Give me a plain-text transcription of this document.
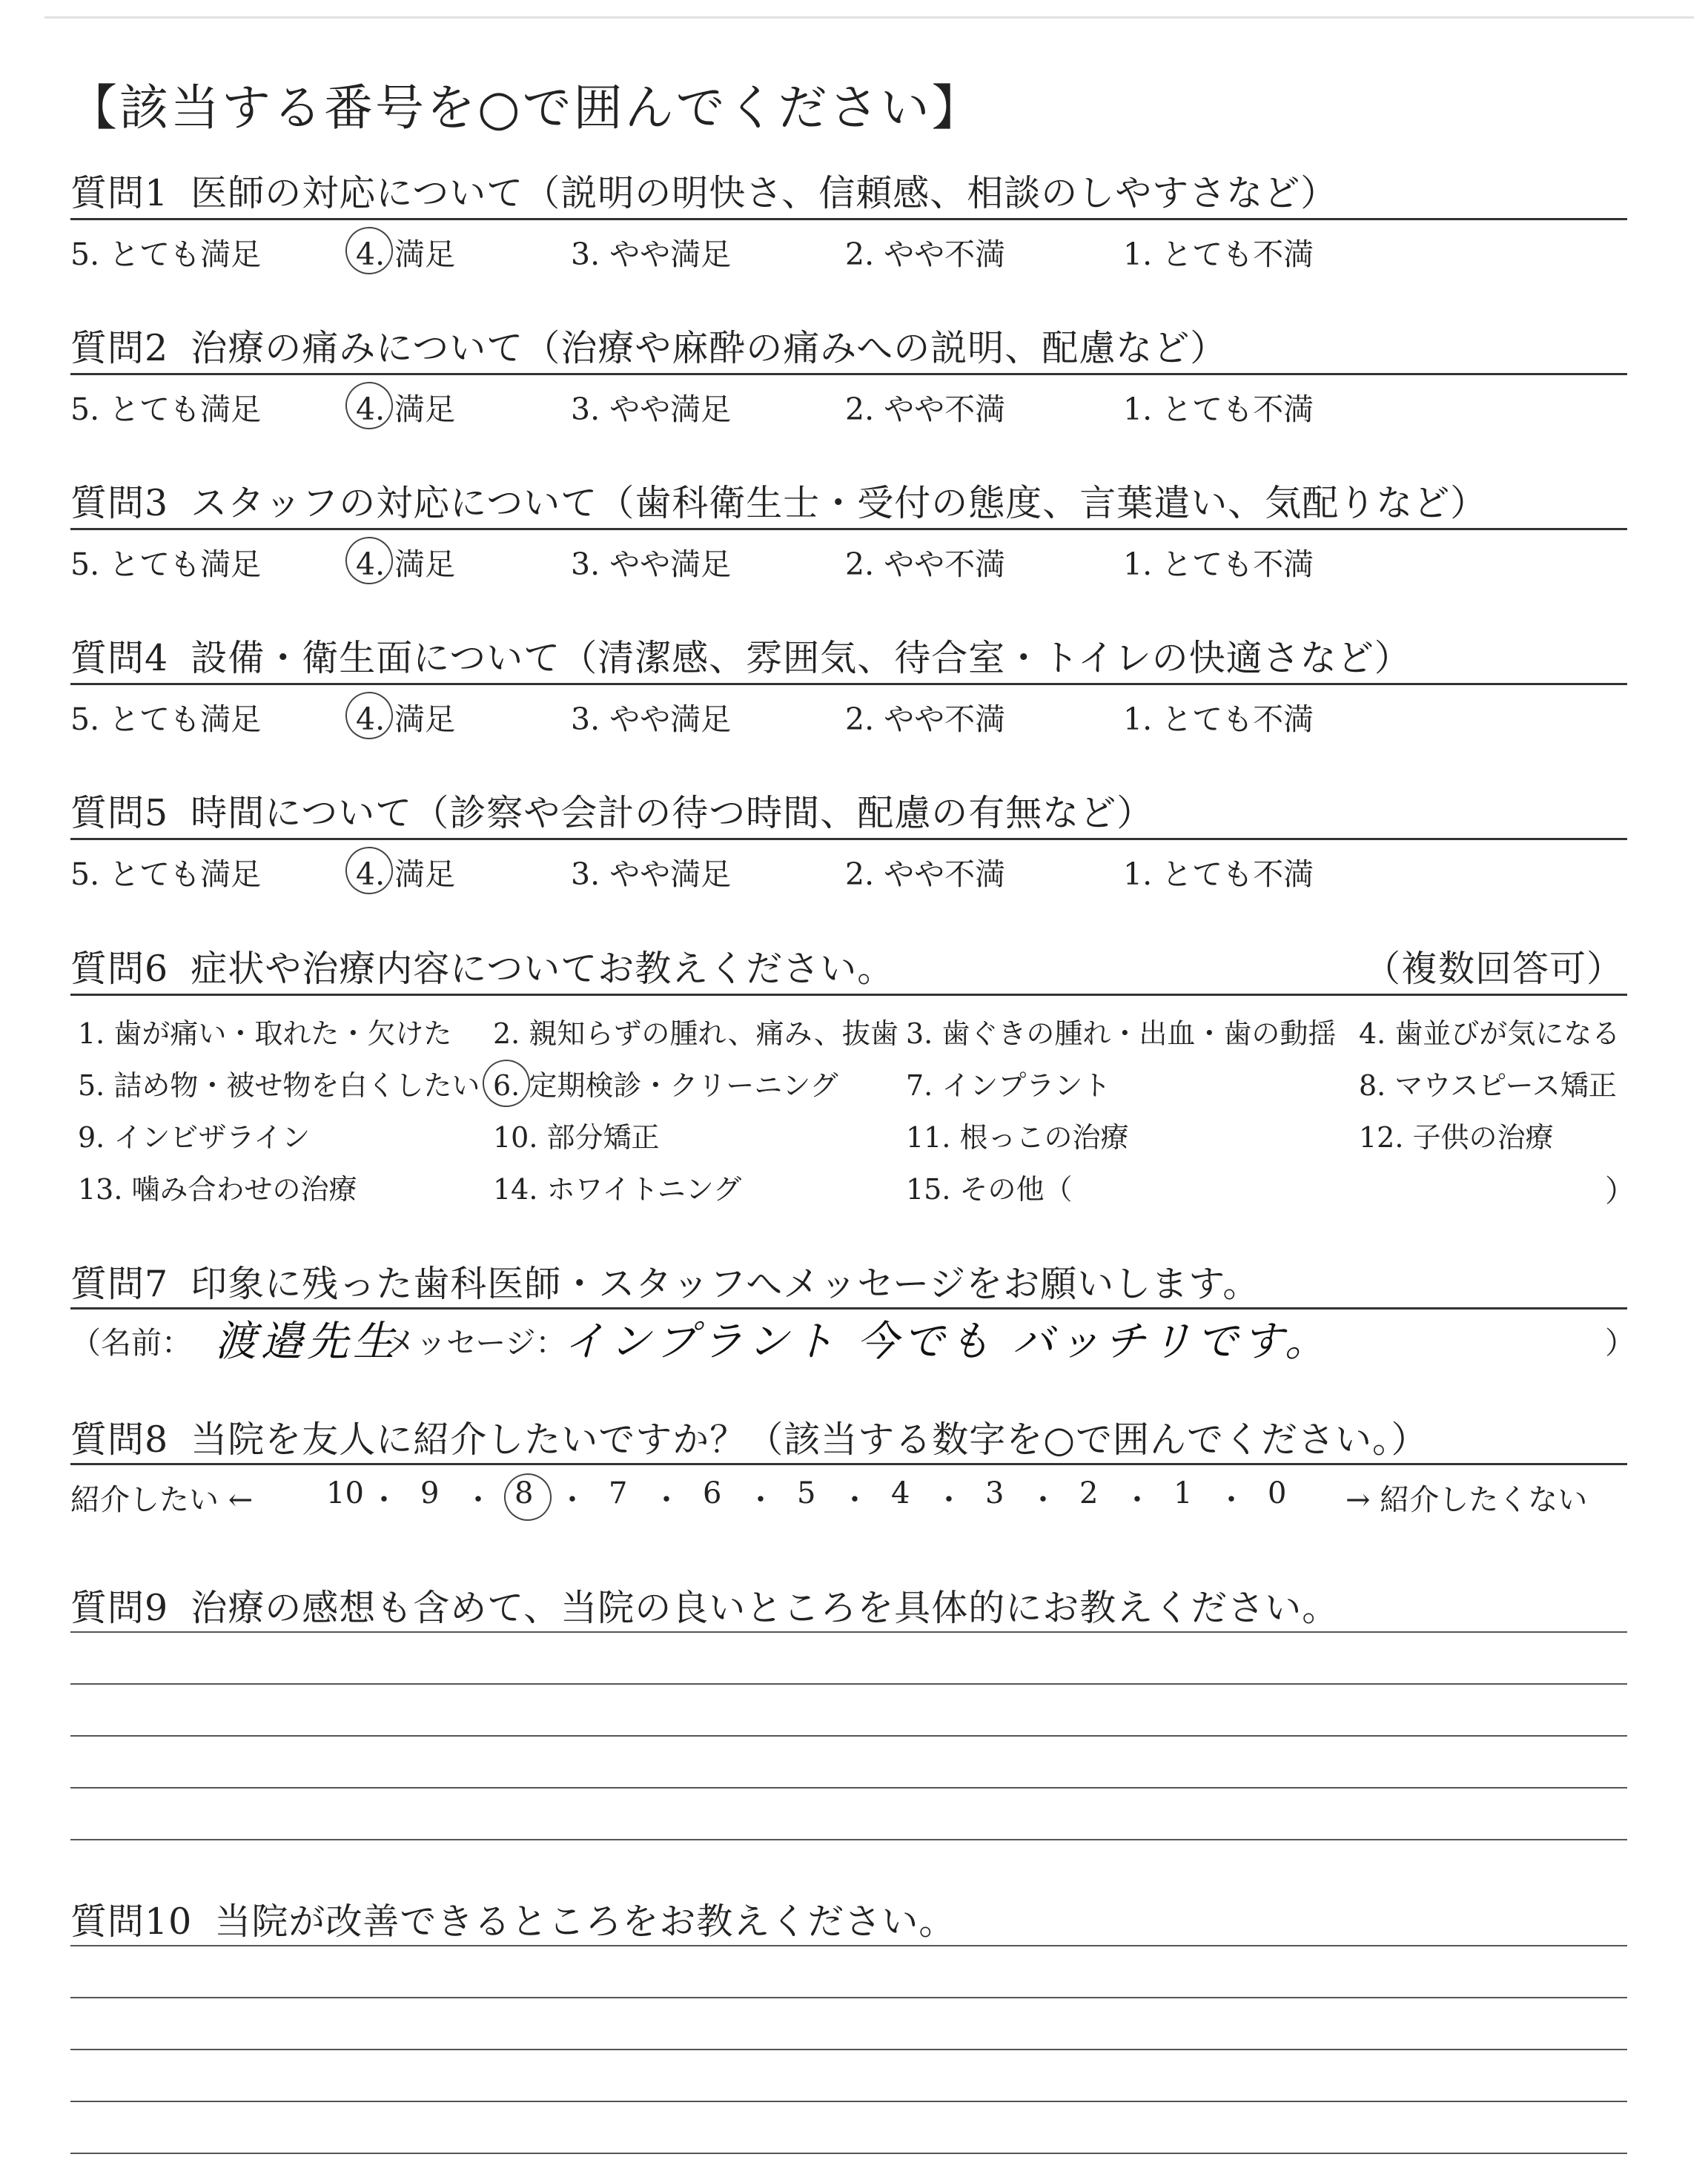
【該当する番号を○で囲んでください】
質問1 医師の対応について（説明の明快さ、信頼感、相談のしやすさなど）
5. とても満足	4. 満足	3. やや満足	2. やや不満	1. とても不満
質問2 治療の痛みについて（治療や麻酔の痛みへの説明、配慮など）
5. とても満足	4. 満足	3. やや満足	2. やや不満	1. とても不満
質問3 スタッフの対応について（歯科衛生士・受付の態度、言葉遣い、気配りなど）
5. とても満足	4. 満足	3. やや満足	2. やや不満	1. とても不満
質問4 設備・衛生面について（清潔感、雰囲気、待合室・トイレの快適さなど）
5. とても満足	4. 満足	3. やや満足	2. やや不満	1. とても不満
質問5 時間について（診察や会計の待つ時間、配慮の有無など）
5. とても満足	4. 満足	3. やや満足	2. やや不満	1. とても不満
質問6 症状や治療内容についてお教えください。	（複数回答可）
1. 歯が痛い・取れた・欠けた 2. 親知らずの腫れ、痛み、抜歯 3. 歯ぐきの腫れ・出血・歯の動揺 4. 歯並びが気になる
5. 詰め物・被せ物を白くしたい 6. 定期検診・クリーニング 7. インプラント	8. マウスピース矯正
9. インビザライン	10. 部分矯正	11. 根っこの治療	12. 子供の治療
13. 噛み合わせの治療	14. ホワイトニング	15. その他（	）
質問7 印象に残った歯科医師・スタッフへメッセージをお願いします。
（名前： 渡邉先生
メッセージ：
インプラント 今でも バッチリです。	）
質問8 当院を友人に紹介したいですか？（該当する数字を○で囲んでください。）
紹介したい ←	→ 紹介したくない
10 ・ 9 ・ 8 ・ 7 ・ 6 ・ 5 ・ 4 ・ 3 ・ 2 ・ 1 ・ 0
質問9 治療の感想も含めて、当院の良いところを具体的にお教えください。
質問10 当院が改善できるところをお教えください。
